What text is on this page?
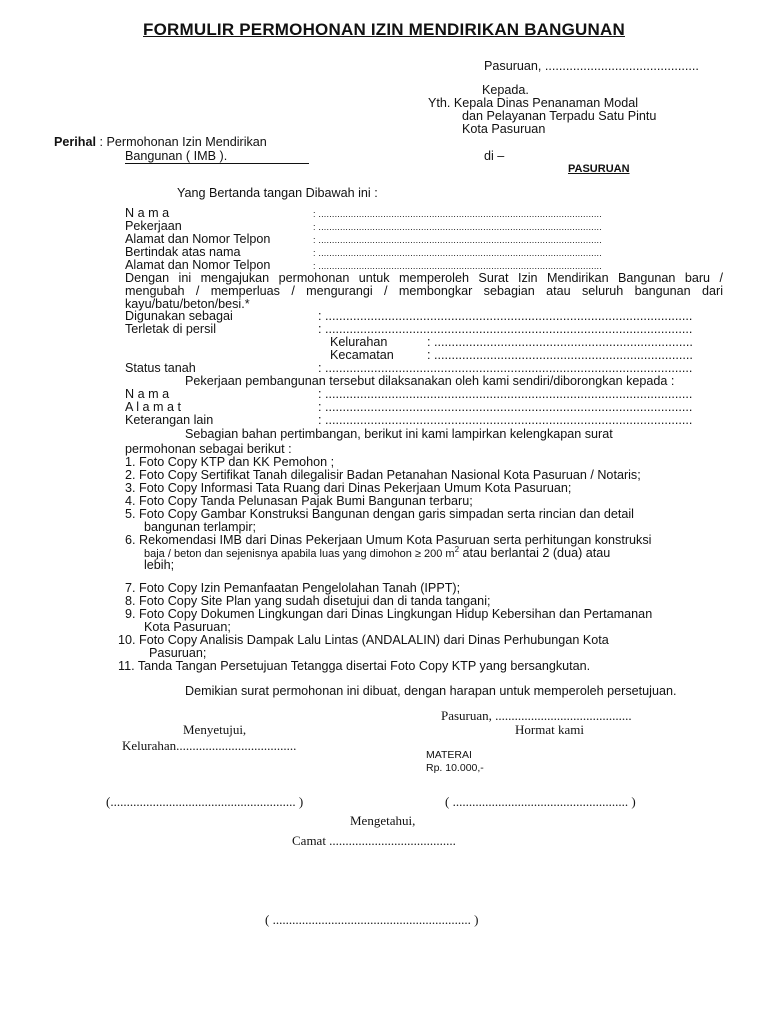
FORMULIR PERMOHONAN IZIN MENDIRIKAN BANGUNAN
Pasuruan, ............................................
Kepada.
Yth. Kepala Dinas Penanaman Modal
dan Pelayanan Terpadu Satu Pintu
Kota Pasuruan
Perihal : Permohonan Izin Mendirikan
Bangunan ( IMB ).	di –
PASURUAN
Yang Bertanda tangan Dibawah ini :
N a m a	: .........................................................................................................
Pekerjaan	: .........................................................................................................
Alamat dan Nomor Telpon	: .........................................................................................................
Bertindak atas nama	: .........................................................................................................
Alamat dan Nomor Telpon	: .........................................................................................................
Dengan ini mengajukan permohonan untuk memperoleh Surat Izin Mendirikan Bangunan baru /
mengubah / memperluas / mengurangi / membongkar sebagian atau seluruh bangunan dari
kayu/batu/beton/besi.*
Digunakan sebagai	: .........................................................................................................
Terletak di persil	: .........................................................................................................
Kelurahan	: ..........................................................................
Kecamatan	: ..........................................................................
Status tanah	: .........................................................................................................
Pekerjaan pembangunan tersebut dilaksanakan oleh kami sendiri/diborongkan kepada :
N a m a	: .........................................................................................................
A l a m a t	: .........................................................................................................
Keterangan lain	: .........................................................................................................
Sebagian bahan pertimbangan, berikut ini kami lampirkan kelengkapan surat
permohonan sebagai berikut :
1. Foto Copy KTP dan KK Pemohon ;
2. Foto Copy Sertifikat Tanah dilegalisir Badan Petanahan Nasional Kota Pasuruan / Notaris;
3. Foto Copy Informasi Tata Ruang dari Dinas Pekerjaan Umum Kota Pasuruan;
4. Foto Copy Tanda Pelunasan Pajak Bumi Bangunan terbaru;
5. Foto Copy Gambar Konstruksi Bangunan dengan garis simpadan serta rincian dan detail
bangunan terlampir;
6. Rekomendasi IMB dari Dinas Pekerjaan Umum Kota Pasuruan serta perhitungan konstruksi
baja / beton dan sejenisnya apabila luas yang dimohon ≥ 200 $m^2$ atau berlantai 2 (dua) atau
lebih;
7. Foto Copy Izin Pemanfaatan Pengelolahan Tanah (IPPT);
8. Foto Copy Site Plan yang sudah disetujui dan di tanda tangani;
9. Foto Copy Dokumen Lingkungan dari Dinas Lingkungan Hidup Kebersihan dan Pertamanan
Kota Pasuruan;
10. Foto Copy Analisis Dampak Lalu Lintas (ANDALALIN) dari Dinas Perhubungan Kota
Pasuruan;
11. Tanda Tangan Persetujuan Tetangga disertai Foto Copy KTP yang bersangkutan.
Demikian surat permohonan ini dibuat, dengan harapan untuk memperoleh persetujuan.
Pasuruan, ..........................................
Menyetujui,	Hormat kami
Kelurahan.....................................
MATERAI
Rp. 10.000,-
(......................................................... )	( ...................................................... )
Mengetahui,
Camat .......................................
( ............................................................. )
